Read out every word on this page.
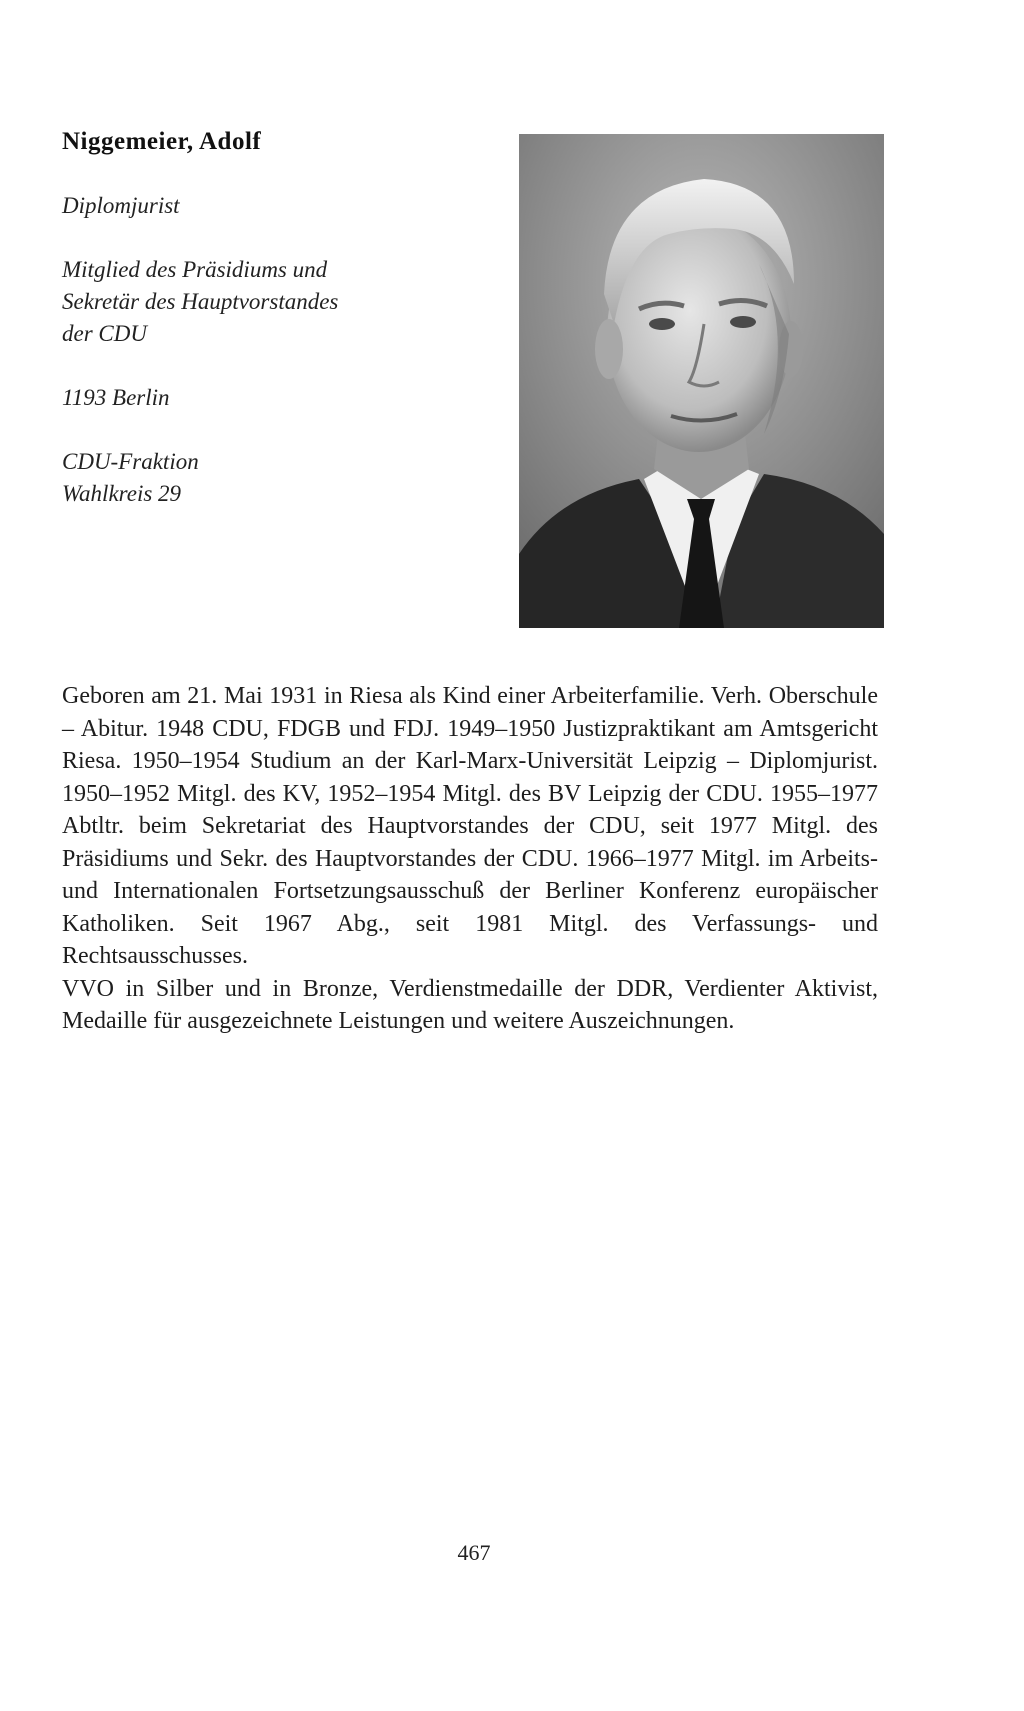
Niggemeier, Adolf
Diplomjurist
Mitglied des Präsidiums und
Sekretär des Hauptvorstandes
der CDU
1193 Berlin
CDU-Fraktion
Wahlkreis 29

Geboren am 21. Mai 1931 in Riesa als Kind einer Arbeiterfamilie. Verh. Oberschule – Abitur. 1948 CDU, FDGB und FDJ. 1949–1950 Justizpraktikant am Amtsgericht Riesa. 1950–1954 Studium an der Karl-Marx-Universität Leipzig – Diplomjurist. 1950–1952 Mitgl. des KV, 1952–1954 Mitgl. des BV Leipzig der CDU. 1955–1977 Abtltr. beim Sekretariat des Hauptvorstandes der CDU, seit 1977 Mitgl. des Präsidiums und Sekr. des Hauptvorstandes der CDU. 1966–1977 Mitgl. im Arbeits- und Internationalen Fortsetzungsausschuß der Berliner Konferenz europäischer Katholiken. Seit 1967 Abg., seit 1981 Mitgl. des Verfassungs- und Rechtsausschusses.

VVO in Silber und in Bronze, Verdienstmedaille der DDR, Verdienter Aktivist, Medaille für ausgezeichnete Leistungen und weitere Auszeichnungen.

467
